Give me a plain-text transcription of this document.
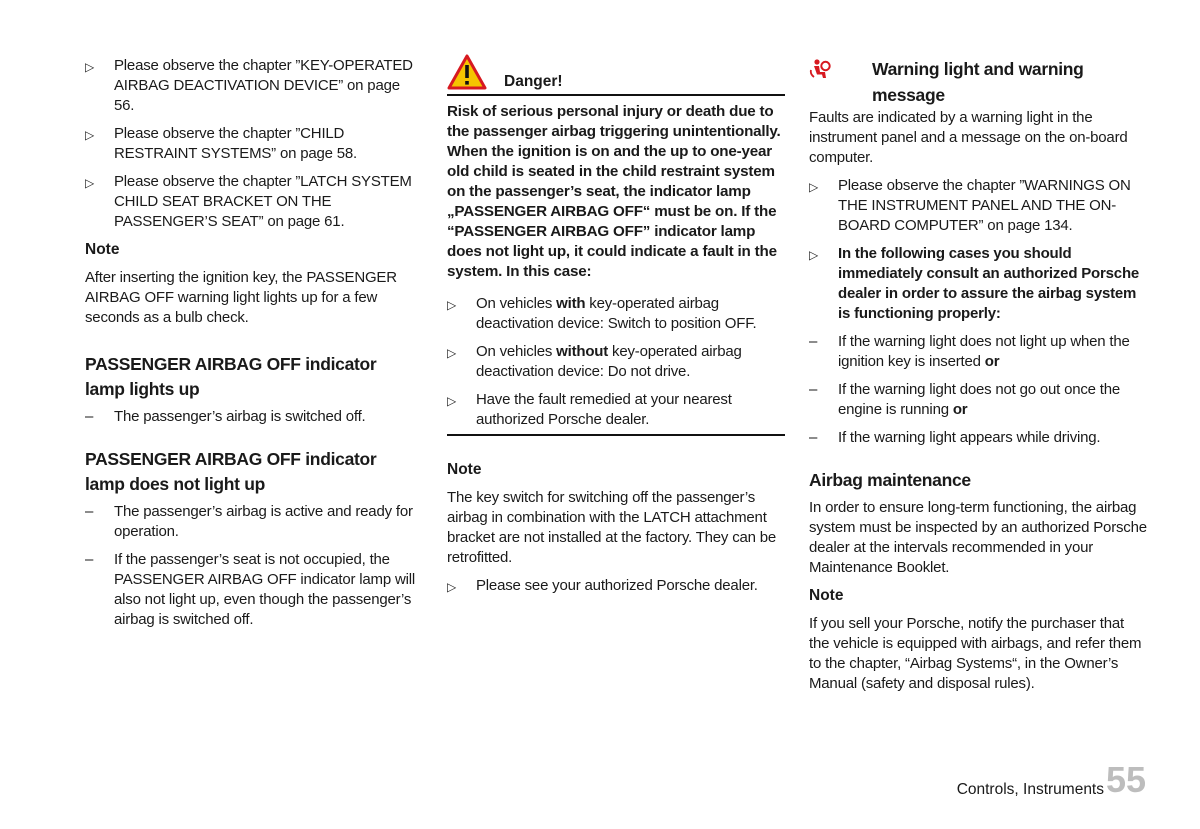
▷	Please observe the chapter ”KEY-OPERATED AIRBAG DEACTIVATION DEVICE” on page 56.
▷	Please observe the chapter ”CHILD RESTRAINT SYSTEMS” on page 58.
▷	Please observe the chapter ”LATCH SYSTEM CHILD SEAT BRACKET ON THE PASSENGER’S SEAT” on page 61.

Note

After inserting the ignition key, the PASSENGER AIRBAG OFF warning light lights up for a few seconds as a bulb check.

PASSENGER AIRBAG OFF indicator lamp lights up

–	The passenger’s airbag is switched off.

PASSENGER AIRBAG OFF indicator lamp does not light up

–	The passenger’s airbag is active and ready for operation.
–	If the passenger’s seat is not occupied, the PASSENGER AIRBAG OFF indicator lamp will also not light up, even though the passenger’s airbag is switched off.
Danger!

Risk of serious personal injury or death due to the passenger airbag triggering unintentionally. When the ignition is on and the up to one-year old child is seated in the child restraint system on the passenger’s seat, the indicator lamp „PASSENGER AIRBAG OFF“ must be on. If the “PASSENGER AIRBAG OFF” indicator lamp does not light up, it could indicate a fault in the system. In this case:

▷	On vehicles with key-operated airbag deactivation device: Switch to position OFF.
▷	On vehicles without key-operated airbag deactivation device: Do not drive.
▷	Have the fault remedied at your nearest authorized Porsche dealer.

Note

The key switch for switching off the passenger’s airbag in combination with the LATCH attachment bracket are not installed at the factory. They can be retrofitted.

▷	Please see your authorized Porsche dealer.

Warning light and warning message

Faults are indicated by a warning light in the instrument panel and a message on the on-board computer.

▷	Please observe the chapter ”WARNINGS ON THE INSTRUMENT PANEL AND THE ON-BOARD COMPUTER” on page 134.
▷	In the following cases you should immediately consult an authorized Porsche dealer in order to assure the airbag system is functioning properly:
–	If the warning light does not light up when the ignition key is inserted or
–	If the warning light does not go out once the engine is running or
–	If the warning light appears while driving.

Airbag maintenance

In order to ensure long-term functioning, the airbag system must be inspected by an authorized Porsche dealer at the intervals recommended in your Maintenance Booklet.

Note

If you sell your Porsche, notify the purchaser that the vehicle is equipped with airbags, and refer them to the chapter, “Airbag Systems“, in the Owner’s Manual (safety and disposal rules).

Controls, Instruments 55
